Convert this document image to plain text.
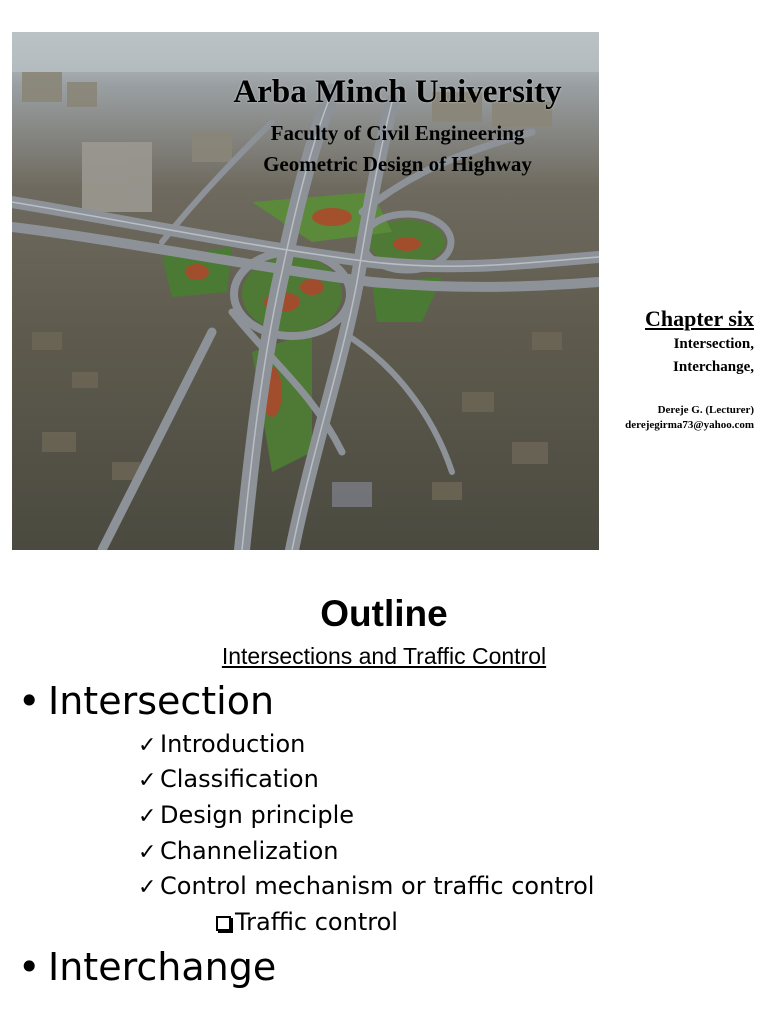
Arba Minch University
Faculty of Civil Engineering
Geometric Design of Highway
Chapter six
Intersection,
Interchange,
Dereje G. (Lecturer)
derejegirma73@yahoo.com
Outline
Intersections and Traffic Control
• Intersection
✓ Introduction
✓ Classification
✓ Design principle
✓ Channelization
✓ Control mechanism or traffic control
Traffic control
• Interchange
